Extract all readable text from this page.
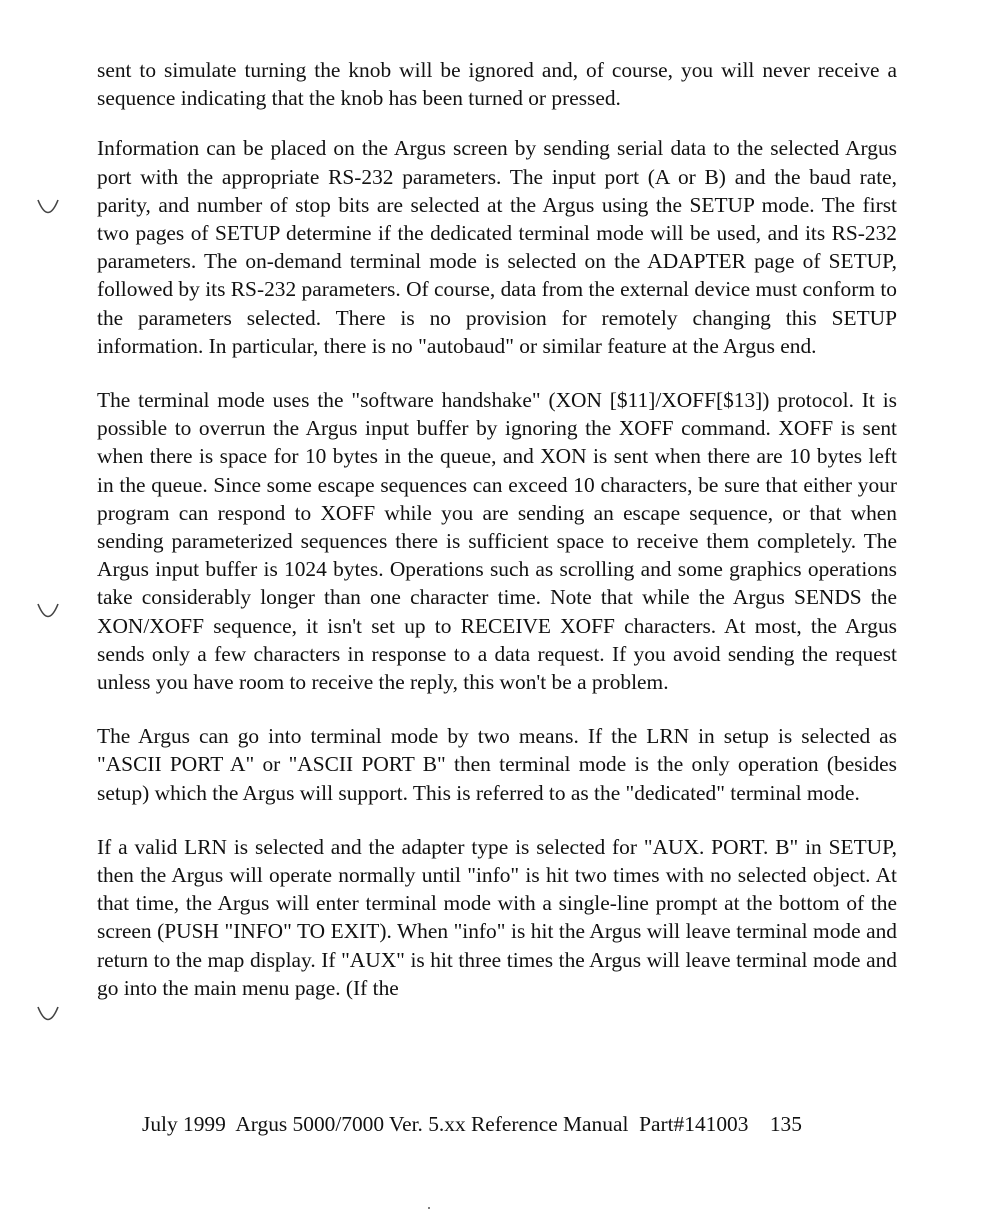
sent to simulate turning the knob will be ignored and, of course, you will never receive a sequence indicating that the knob has been turned or pressed.

Information can be placed on the Argus screen by sending serial data to the selected Argus port with the appropriate RS-232 parameters. The input port (A or B) and the baud rate, parity, and number of stop bits are selected at the Argus using the SETUP mode. The first two pages of SETUP determine if the dedicated terminal mode will be used, and its RS-232 parameters. The on-demand terminal mode is selected on the ADAPTER page of SETUP, followed by its RS-232 parameters. Of course, data from the external device must conform to the parameters selected. There is no provision for remotely changing this SETUP information. In particular, there is no "autobaud" or similar feature at the Argus end.

The terminal mode uses the "software handshake" (XON [$11]/XOFF[$13]) protocol. It is possible to overrun the Argus input buffer by ignoring the XOFF command. XOFF is sent when there is space for 10 bytes in the queue, and XON is sent when there are 10 bytes left in the queue. Since some escape sequences can exceed 10 characters, be sure that either your program can respond to XOFF while you are sending an escape sequence, or that when sending parameterized sequences there is sufficient space to receive them completely. The Argus input buffer is 1024 bytes. Operations such as scrolling and some graphics operations take considerably longer than one character time. Note that while the Argus SENDS the XON/XOFF sequence, it isn't set up to RECEIVE XOFF characters. At most, the Argus sends only a few characters in response to a data request. If you avoid sending the request unless you have room to receive the reply, this won't be a problem.

The Argus can go into terminal mode by two means. If the LRN in setup is selected as "ASCII PORT A" or "ASCII PORT B" then terminal mode is the only operation (besides setup) which the Argus will support. This is referred to as the "dedicated" terminal mode.

If a valid LRN is selected and the adapter type is selected for "AUX. PORT. B" in SETUP, then the Argus will operate normally until "info" is hit two times with no selected object. At that time, the Argus will enter terminal mode with a single-line prompt at the bottom of the screen (PUSH "INFO" TO EXIT). When "info" is hit the Argus will leave terminal mode and return to the map display. If "AUX" is hit three times the Argus will leave terminal mode and go into the main menu page. (If the

July 1999 Argus 5000/7000 Ver. 5.xx Reference Manual Part#141003 135
